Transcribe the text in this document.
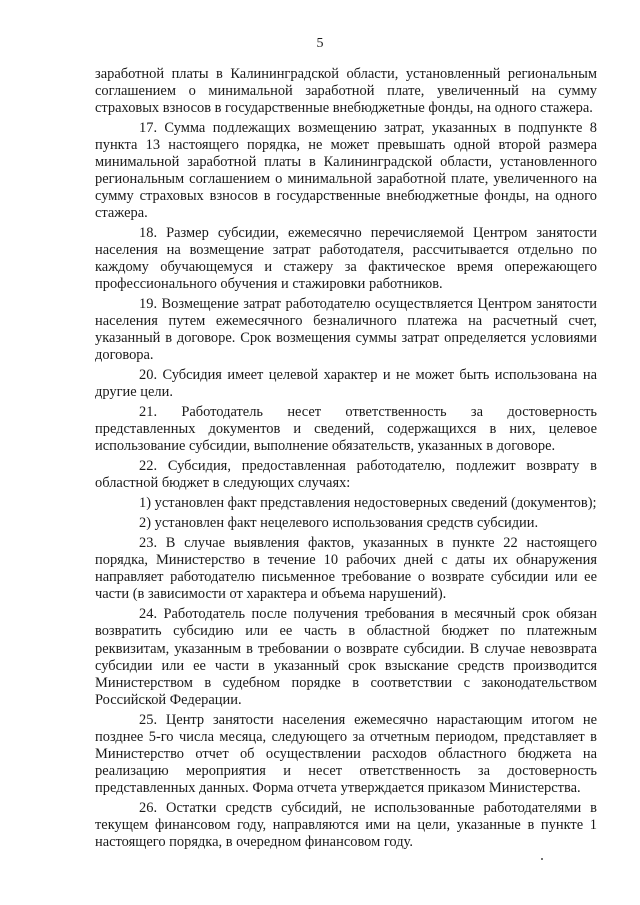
5

заработной платы в Калининградской области, установленный региональным соглашением о минимальной заработной плате, увеличенный на сумму страховых взносов в государственные внебюджетные фонды, на одного стажера.

17. Сумма подлежащих возмещению затрат, указанных в подпункте 8 пункта 13 настоящего порядка, не может превышать одной второй размера минимальной заработной платы в Калининградской области, установленного региональным соглашением о минимальной заработной плате, увеличенного на сумму страховых взносов в государственные внебюджетные фонды, на одного стажера.

18. Размер субсидии, ежемесячно перечисляемой Центром занятости населения на возмещение затрат работодателя, рассчитывается отдельно по каждому обучающемуся и стажеру за фактическое время опережающего профессионального обучения и стажировки работников.

19. Возмещение затрат работодателю осуществляется Центром занятости населения путем ежемесячного безналичного платежа на расчетный счет, указанный в договоре. Срок возмещения суммы затрат определяется условиями договора.

20. Субсидия имеет целевой характер и не может быть использована на другие цели.

21. Работодатель несет ответственность за достоверность представленных документов и сведений, содержащихся в них, целевое использование субсидии, выполнение обязательств, указанных в договоре.

22. Субсидия, предоставленная работодателю, подлежит возврату в областной бюджет в следующих случаях:

1) установлен факт представления недостоверных сведений (документов);

2) установлен факт нецелевого использования средств субсидии.

23. В случае выявления фактов, указанных в пункте 22 настоящего порядка, Министерство в течение 10 рабочих дней с даты их обнаружения направляет работодателю письменное требование о возврате субсидии или ее части (в зависимости от характера и объема нарушений).

24. Работодатель после получения требования в месячный срок обязан возвратить субсидию или ее часть в областной бюджет по платежным реквизитам, указанным в требовании о возврате субсидии. В случае невозврата субсидии или ее части в указанный срок взыскание средств производится Министерством в судебном порядке в соответствии с законодательством Российской Федерации.

25. Центр занятости населения ежемесячно нарастающим итогом не позднее 5-го числа месяца, следующего за отчетным периодом, представляет в Министерство отчет об осуществлении расходов областного бюджета на реализацию мероприятия и несет ответственность за достоверность представленных данных. Форма отчета утверждается приказом Министерства.

26. Остатки средств субсидий, не использованные работодателями в текущем финансовом году, направляются ими на цели, указанные в пункте 1 настоящего порядка, в очередном финансовом году.
